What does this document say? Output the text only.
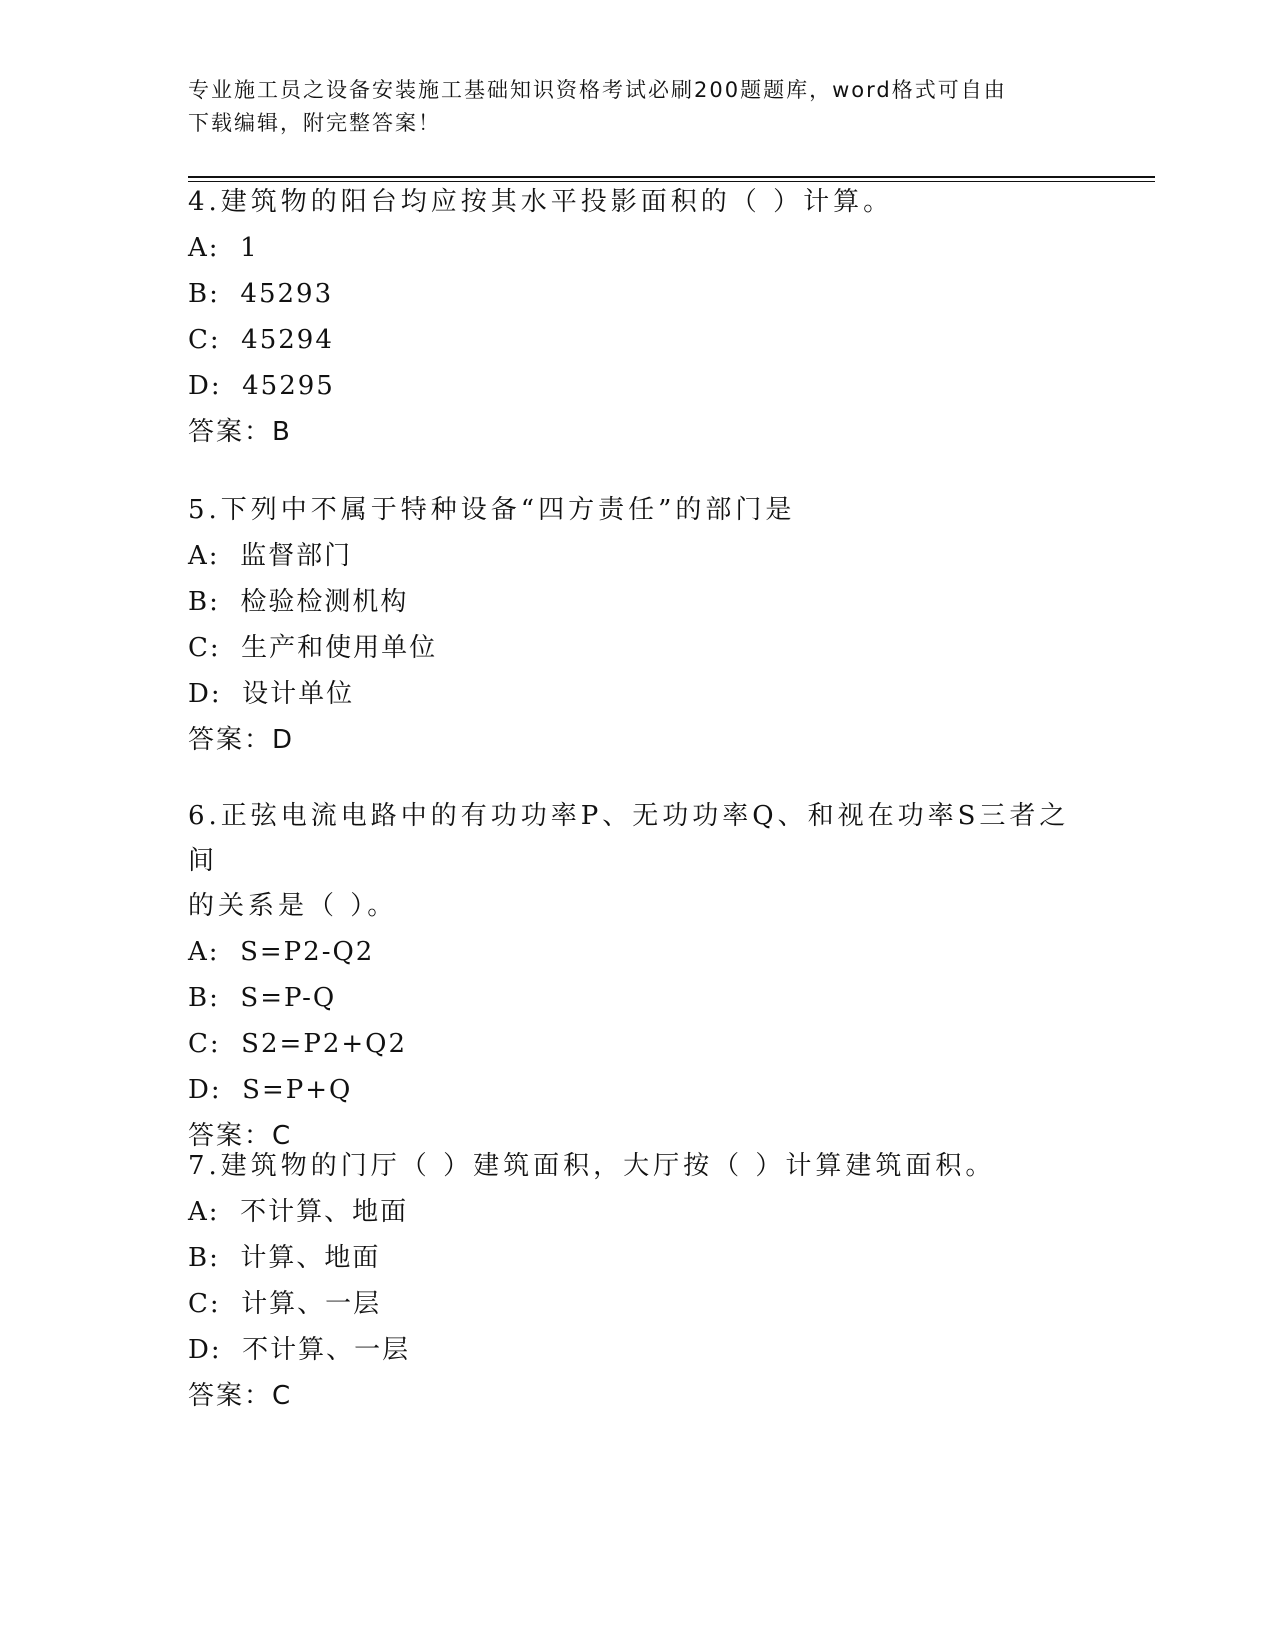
专业施工员之设备安装施工基础知识资格考试必刷200题题库，word格式可自由
下载编辑，附完整答案！
4.建筑物的阳台均应按其水平投影面积的（ ）计算。
A:  1
B:  45293
C:  45294
D:  45295
答案：B
5.下列中不属于特种设备“四方责任”的部门是
A:  监督部门
B:  检验检测机构
C:  生产和使用单位
D:  设计单位
答案：D
6.正弦电流电路中的有功功率P、无功功率Q、和视在功率S三者之间
的关系是（ ）。
A:  S=P2-Q2
B:  S=P-Q
C:  S2=P2+Q2
D:  S=P+Q
答案：C
7.建筑物的门厅（ ）建筑面积，大厅按（ ）计算建筑面积。
A:  不计算、地面
B:  计算、地面
C:  计算、一层
D:  不计算、一层
答案：C
